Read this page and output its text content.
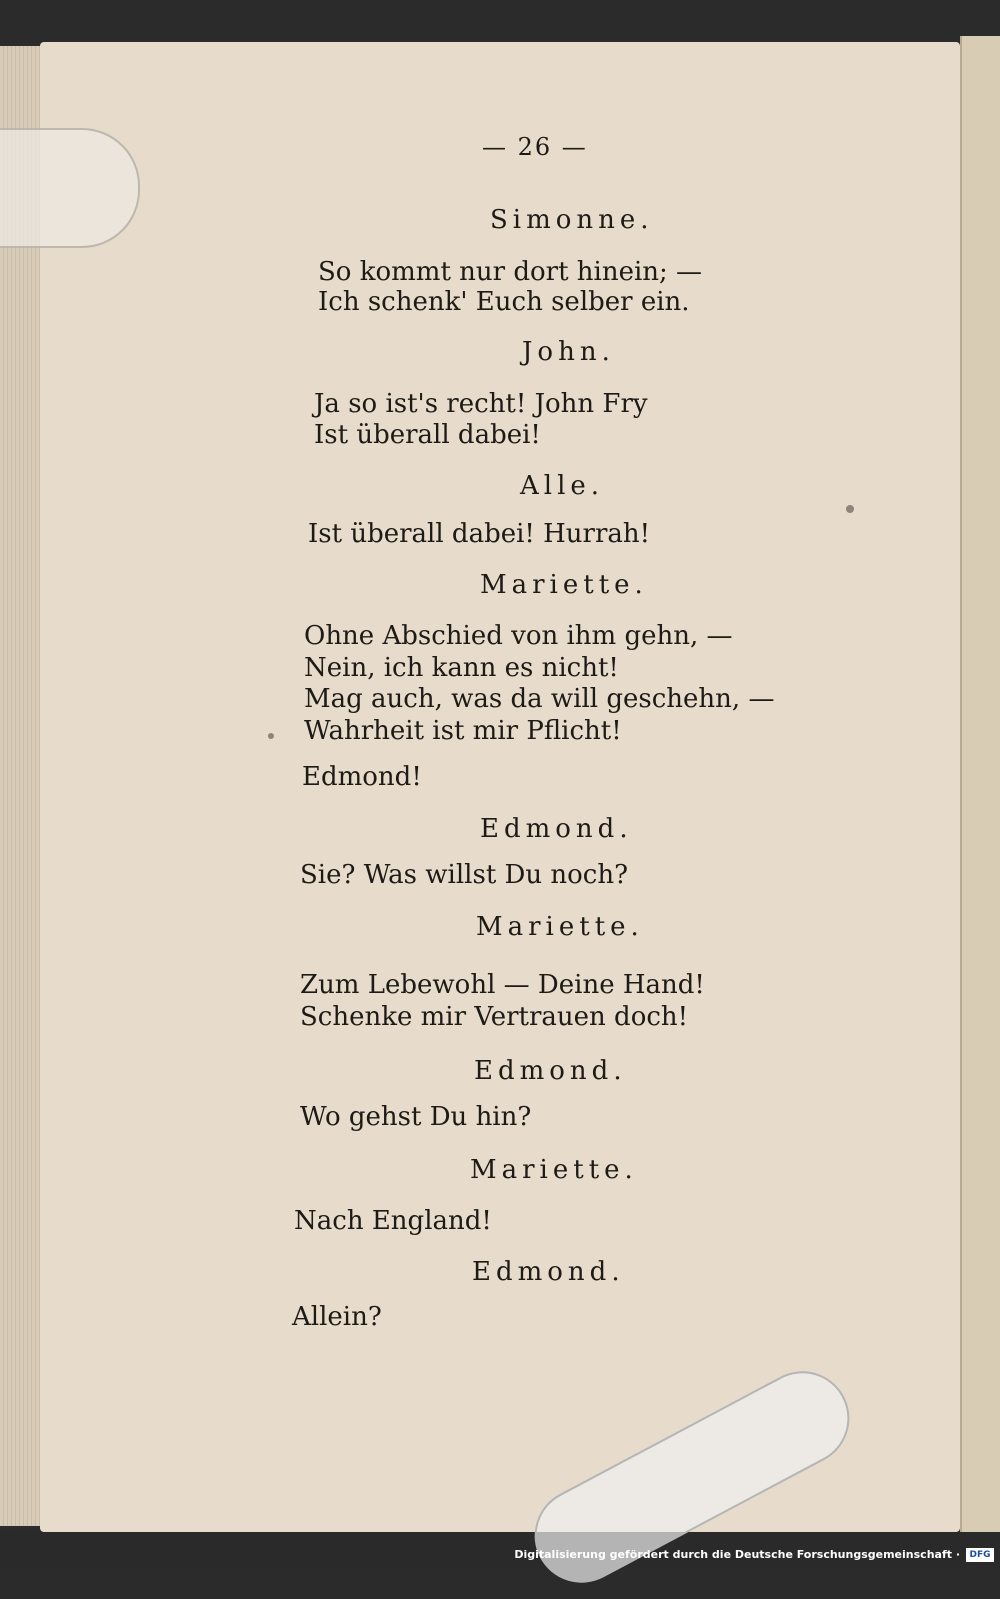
— 26 —
Simonne.
So kommt nur dort hinein; —
Ich schenk' Euch selber ein.
John.
Ja so ist's recht! John Fry
Ist überall dabei!
Alle.
Ist überall dabei! Hurrah!
Mariette.
Ohne Abschied von ihm gehn, —
Nein, ich kann es nicht!
Mag auch, was da will geschehn, —
Wahrheit ist mir Pflicht!
Edmond!
Edmond.
Sie? Was willst Du noch?
Mariette.
Zum Lebewohl — Deine Hand!
Schenke mir Vertrauen doch!
Edmond.
Wo gehst Du hin?
Mariette.
Nach England!
Edmond.
Allein?
Digitalisierung gefördert durch die Deutsche Forschungsgemeinschaft ·	DFG
